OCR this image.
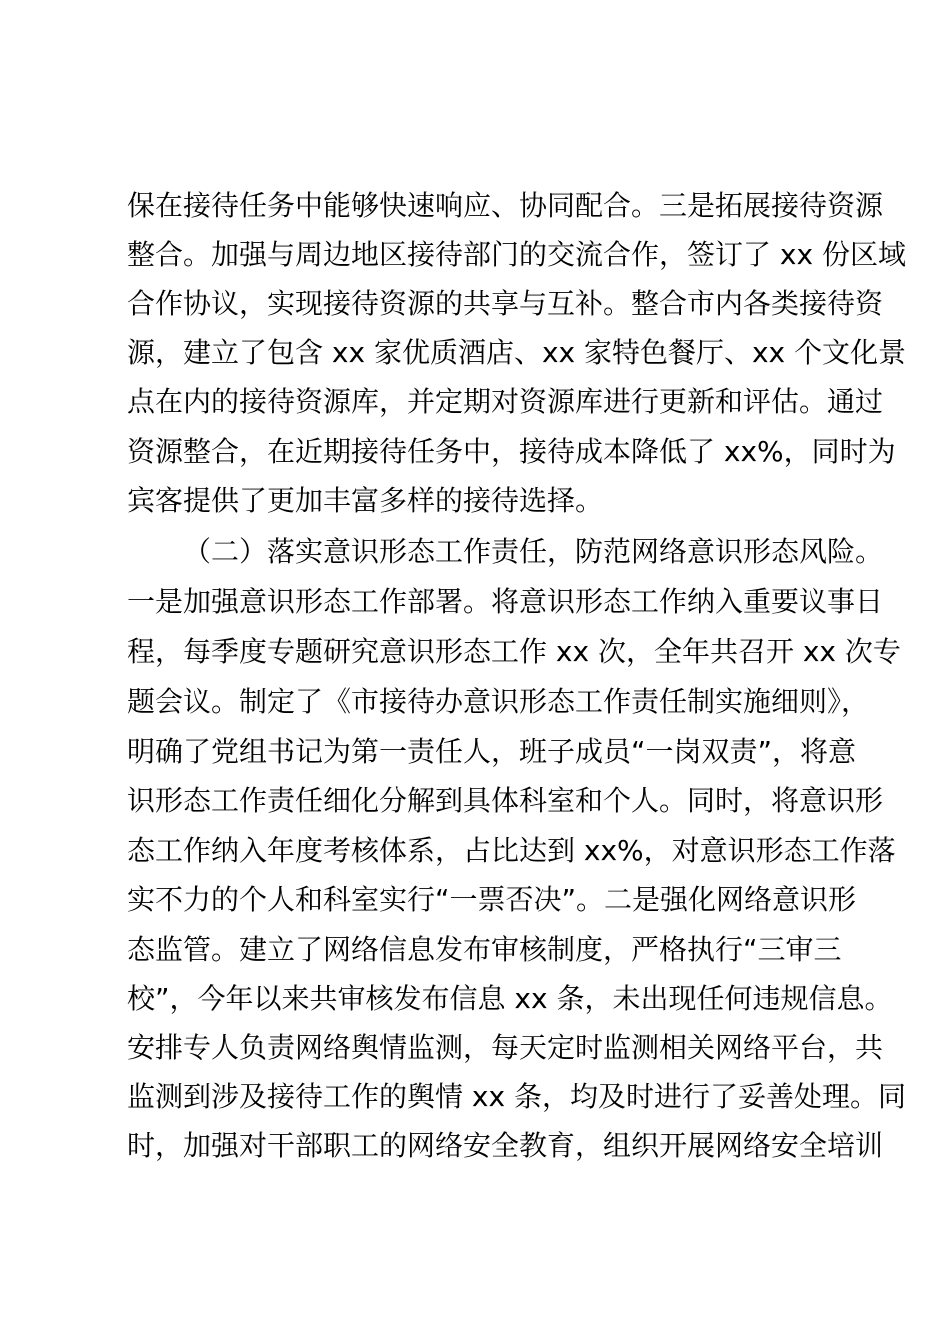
保在接待任务中能够快速响应、协同配合。三是拓展接待资源
整合。加强与周边地区接待部门的交流合作，签订了 xx 份区域
合作协议，实现接待资源的共享与互补。整合市内各类接待资
源，建立了包含 xx 家优质酒店、xx 家特色餐厅、xx 个文化景
点在内的接待资源库，并定期对资源库进行更新和评估。通过
资源整合，在近期接待任务中，接待成本降低了 xx%，同时为
宾客提供了更加丰富多样的接待选择。
（二）落实意识形态工作责任，防范网络意识形态风险。
一是加强意识形态工作部署。将意识形态工作纳入重要议事日
程，每季度专题研究意识形态工作 xx 次，全年共召开 xx 次专
题会议。制定了《市接待办意识形态工作责任制实施细则》，
明确了党组书记为第一责任人，班子成员“一岗双责”，将意
识形态工作责任细化分解到具体科室和个人。同时，将意识形
态工作纳入年度考核体系，占比达到 xx%，对意识形态工作落
实不力的个人和科室实行“一票否决”。二是强化网络意识形
态监管。建立了网络信息发布审核制度，严格执行“三审三
校”，今年以来共审核发布信息 xx 条，未出现任何违规信息。
安排专人负责网络舆情监测，每天定时监测相关网络平台，共
监测到涉及接待工作的舆情 xx 条，均及时进行了妥善处理。同
时，加强对干部职工的网络安全教育，组织开展网络安全培训
